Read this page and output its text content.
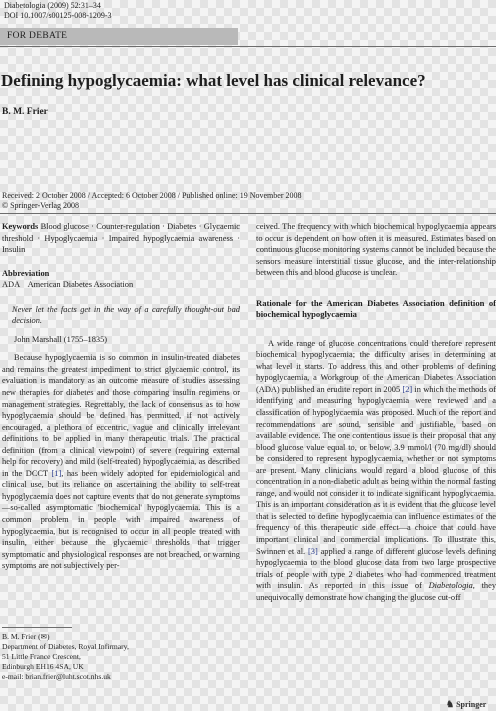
Diabetologia (2009) 52:31–34
DOI 10.1007/s00125-008-1209-3
FOR DEBATE
Defining hypoglycaemia: what level has clinical relevance?
B. M. Frier
Received: 2 October 2008 / Accepted: 6 October 2008 / Published online: 19 November 2008
© Springer-Verlag 2008

Keywords Blood glucose · Counter-regulation · Diabetes · Glycaemic threshold · Hypoglycaemia · Impaired hypoglycaemia awareness · Insulin

Abbreviation

ADA    American Diabetes Association

Never let the facts get in the way of a carefully thought-out bad decision.

John Marshall (1755–1835)

Because hypoglycaemia is so common in insulin-treated diabetes and remains the greatest impediment to strict glycaemic control, its evaluation is mandatory as an outcome measure of studies assessing new therapies for diabetes and those comparing insulin regimens or management strategies. Regrettably, the lack of consensus as to how hypoglycaemia should be defined has permitted, if not actively encouraged, a plethora of eccentric, vague and clinically irrelevant definitions to be applied in many therapeutic trials. The practical definition (from a clinical viewpoint) of severe (requiring external help for recovery) and mild (self-treated) hypoglycaemia, as described in the DCCT [1], has been widely adopted for epidemiological and clinical use, but its reliance on ascertaining the ability to self-treat hypoglycaemia does not capture events that do not generate symptoms—so-called asymptomatic 'biochemical' hypoglycaemia. This is a common problem in people with impaired awareness of hypoglycaemia, but is recognised to occur in all people treated with insulin, either because the glycaemic thresholds that trigger symptomatic and physiological responses are not breached, or warning symptoms are not subjectively per-

B. M. Frier (✉)
Department of Diabetes, Royal Infirmary,
51 Little France Crescent,
Edinburgh EH16 4SA, UK
e-mail: brian.frier@luht.scot.nhs.uk

ceived. The frequency with which biochemical hypoglycaemia appears to occur is dependent on how often it is measured. Estimates based on continuous glucose monitoring systems cannot be included because the sensors measure interstitial tissue glucose, and the inter-relationship between this and blood glucose is unclear.

Rationale for the American Diabetes Association definition of biochemical hypoglycaemia

A wide range of glucose concentrations could therefore represent biochemical hypoglycaemia; the difficulty arises in determining at what level it starts. To address this and other problems of defining hypoglycaemia, a Workgroup of the American Diabetes Association (ADA) published an erudite report in 2005 [2] in which the methods of identifying and measuring hypoglycaemia were reviewed and a classification of hypoglycaemia was proposed. Much of the report and recommendations are sound, sensible and justifiable, based on available evidence. The one contentious issue is their proposal that any blood glucose value equal to, or below, 3.9 mmol/l (70 mg/dl) should be considered to represent hypoglycaemia, whether or not symptoms are present. Many clinicians would regard a blood glucose of this concentration in a non-diabetic adult as being within the normal fasting range, and would not consider it to indicate significant hypoglycaemia. This is an important consideration as it is evident that the glucose level that is selected to define hypoglycaemia can influence estimates of the frequency of this therapeutic side effect—a choice that could have important clinical and commercial implications. To illustrate this, Swinnen et al. [3] applied a range of different glucose levels defining hypoglycaemia to the blood glucose data from two large prospective trials of people with type 2 diabetes who had commenced treatment with insulin. As reported in this issue of Diabetologia, they unequivocally demonstrate how changing the glucose cut-off

♞ Springer
